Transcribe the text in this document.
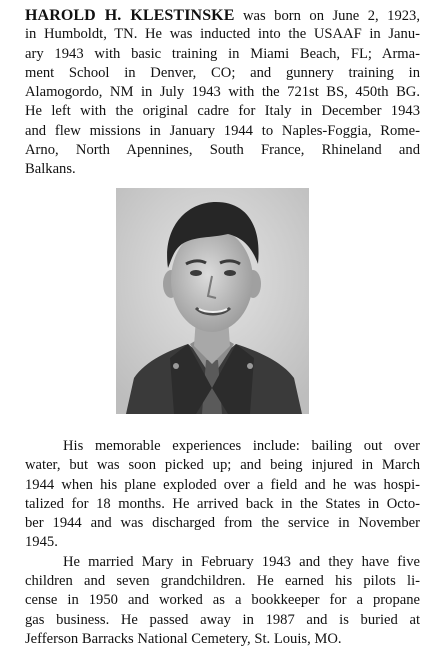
HAROLD H. KLESTINSKE was born on June 2, 1923,
in Humboldt, TN. He was inducted into the USAAF in Janu-
ary 1943 with basic training in Miami Beach, FL; Arma-
ment School in Denver, CO; and gunnery training in
Alamogordo, NM in July 1943 with the 721st BS, 450th BG.
He left with the original cadre for Italy in December 1943
and flew missions in January 1944 to Naples-Foggia, Rome-
Arno, North Apennines, South France, Rhineland and
Balkans.
His memorable experiences include: bailing out over
water, but was soon picked up; and being injured in March
1944 when his plane exploded over a field and he was hospi-
talized for 18 months. He arrived back in the States in Octo-
ber 1944 and was discharged from the service in November
1945.
He married Mary in February 1943 and they have five
children and seven grandchildren. He earned his pilots li-
cense in 1950 and worked as a bookkeeper for a propane
gas business. He passed away in 1987 and is buried at
Jefferson Barracks National Cemetery, St. Louis, MO.
